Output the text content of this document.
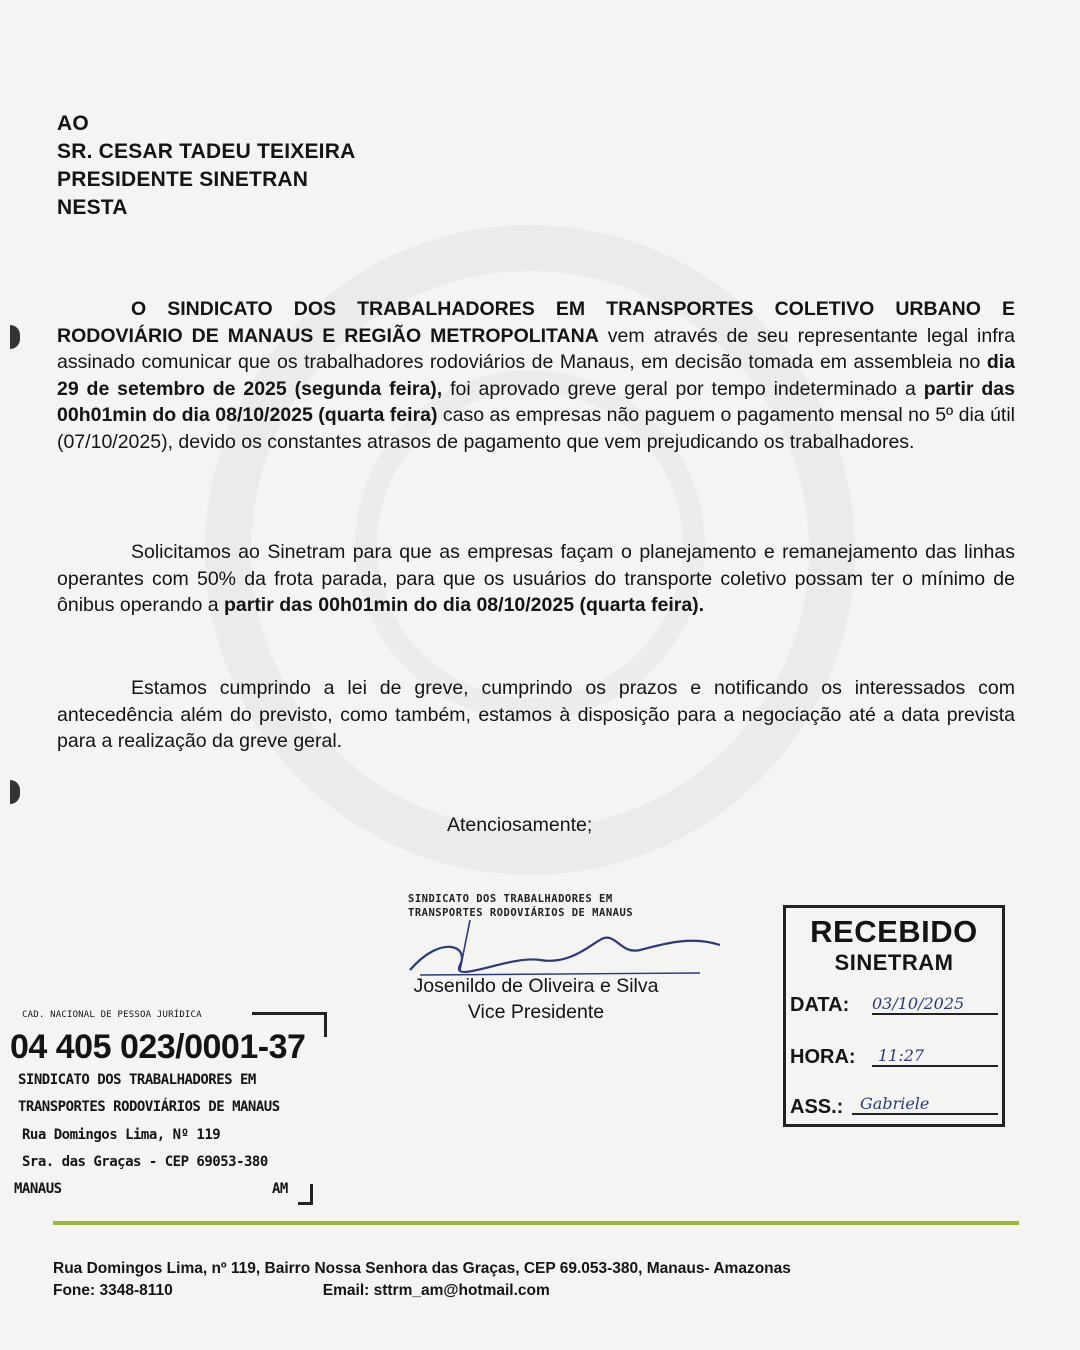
AO
SR. CESAR TADEU TEIXEIRA
PRESIDENTE SINETRAN
NESTA
O SINDICATO DOS TRABALHADORES EM TRANSPORTES COLETIVO URBANO E RODOVIÁRIO DE MANAUS E REGIÃO METROPOLITANA vem através de seu representante legal infra assinado comunicar que os trabalhadores rodoviários de Manaus, em decisão tomada em assembleia no dia 29 de setembro de 2025 (segunda feira), foi aprovado greve geral por tempo indeterminado a partir das 00h01min do dia 08/10/2025 (quarta feira) caso as empresas não paguem o pagamento mensal no 5º dia útil (07/10/2025), devido os constantes atrasos de pagamento que vem prejudicando os trabalhadores.
Solicitamos ao Sinetram para que as empresas façam o planejamento e remanejamento das linhas operantes com 50% da frota parada, para que os usuários do transporte coletivo possam ter o mínimo de ônibus operando a partir das 00h01min do dia 08/10/2025 (quarta feira).
Estamos cumprindo a lei de greve, cumprindo os prazos e notificando os interessados com antecedência além do previsto, como também, estamos à disposição para a negociação até a data prevista para a realização da greve geral.
Atenciosamente;
SINDICATO DOS TRABALHADORES EM
TRANSPORTES RODOVIÁRIOS DE MANAUS
Josenildo de Oliveira e Silva
Vice Presidente
CAD. NACIONAL DE PESSOA JURÍDICA
04 405 023/0001-37
SINDICATO DOS TRABALHADORES EM
TRANSPORTES RODOVIÁRIOS DE MANAUS
Rua Domingos Lima, Nº 119
Sra. das Graças - CEP 69053-380
MANAUS	AM
RECEBIDO
SINETRAM
DATA: 03/10/2025
HORA:	11:27
ASS.:	Gabriele
Rua Domingos Lima, nº 119, Bairro Nossa Senhora das Graças, CEP 69.053-380, Manaus- Amazonas
Fone: 3348-8110	Email: sttrm_am@hotmail.com
